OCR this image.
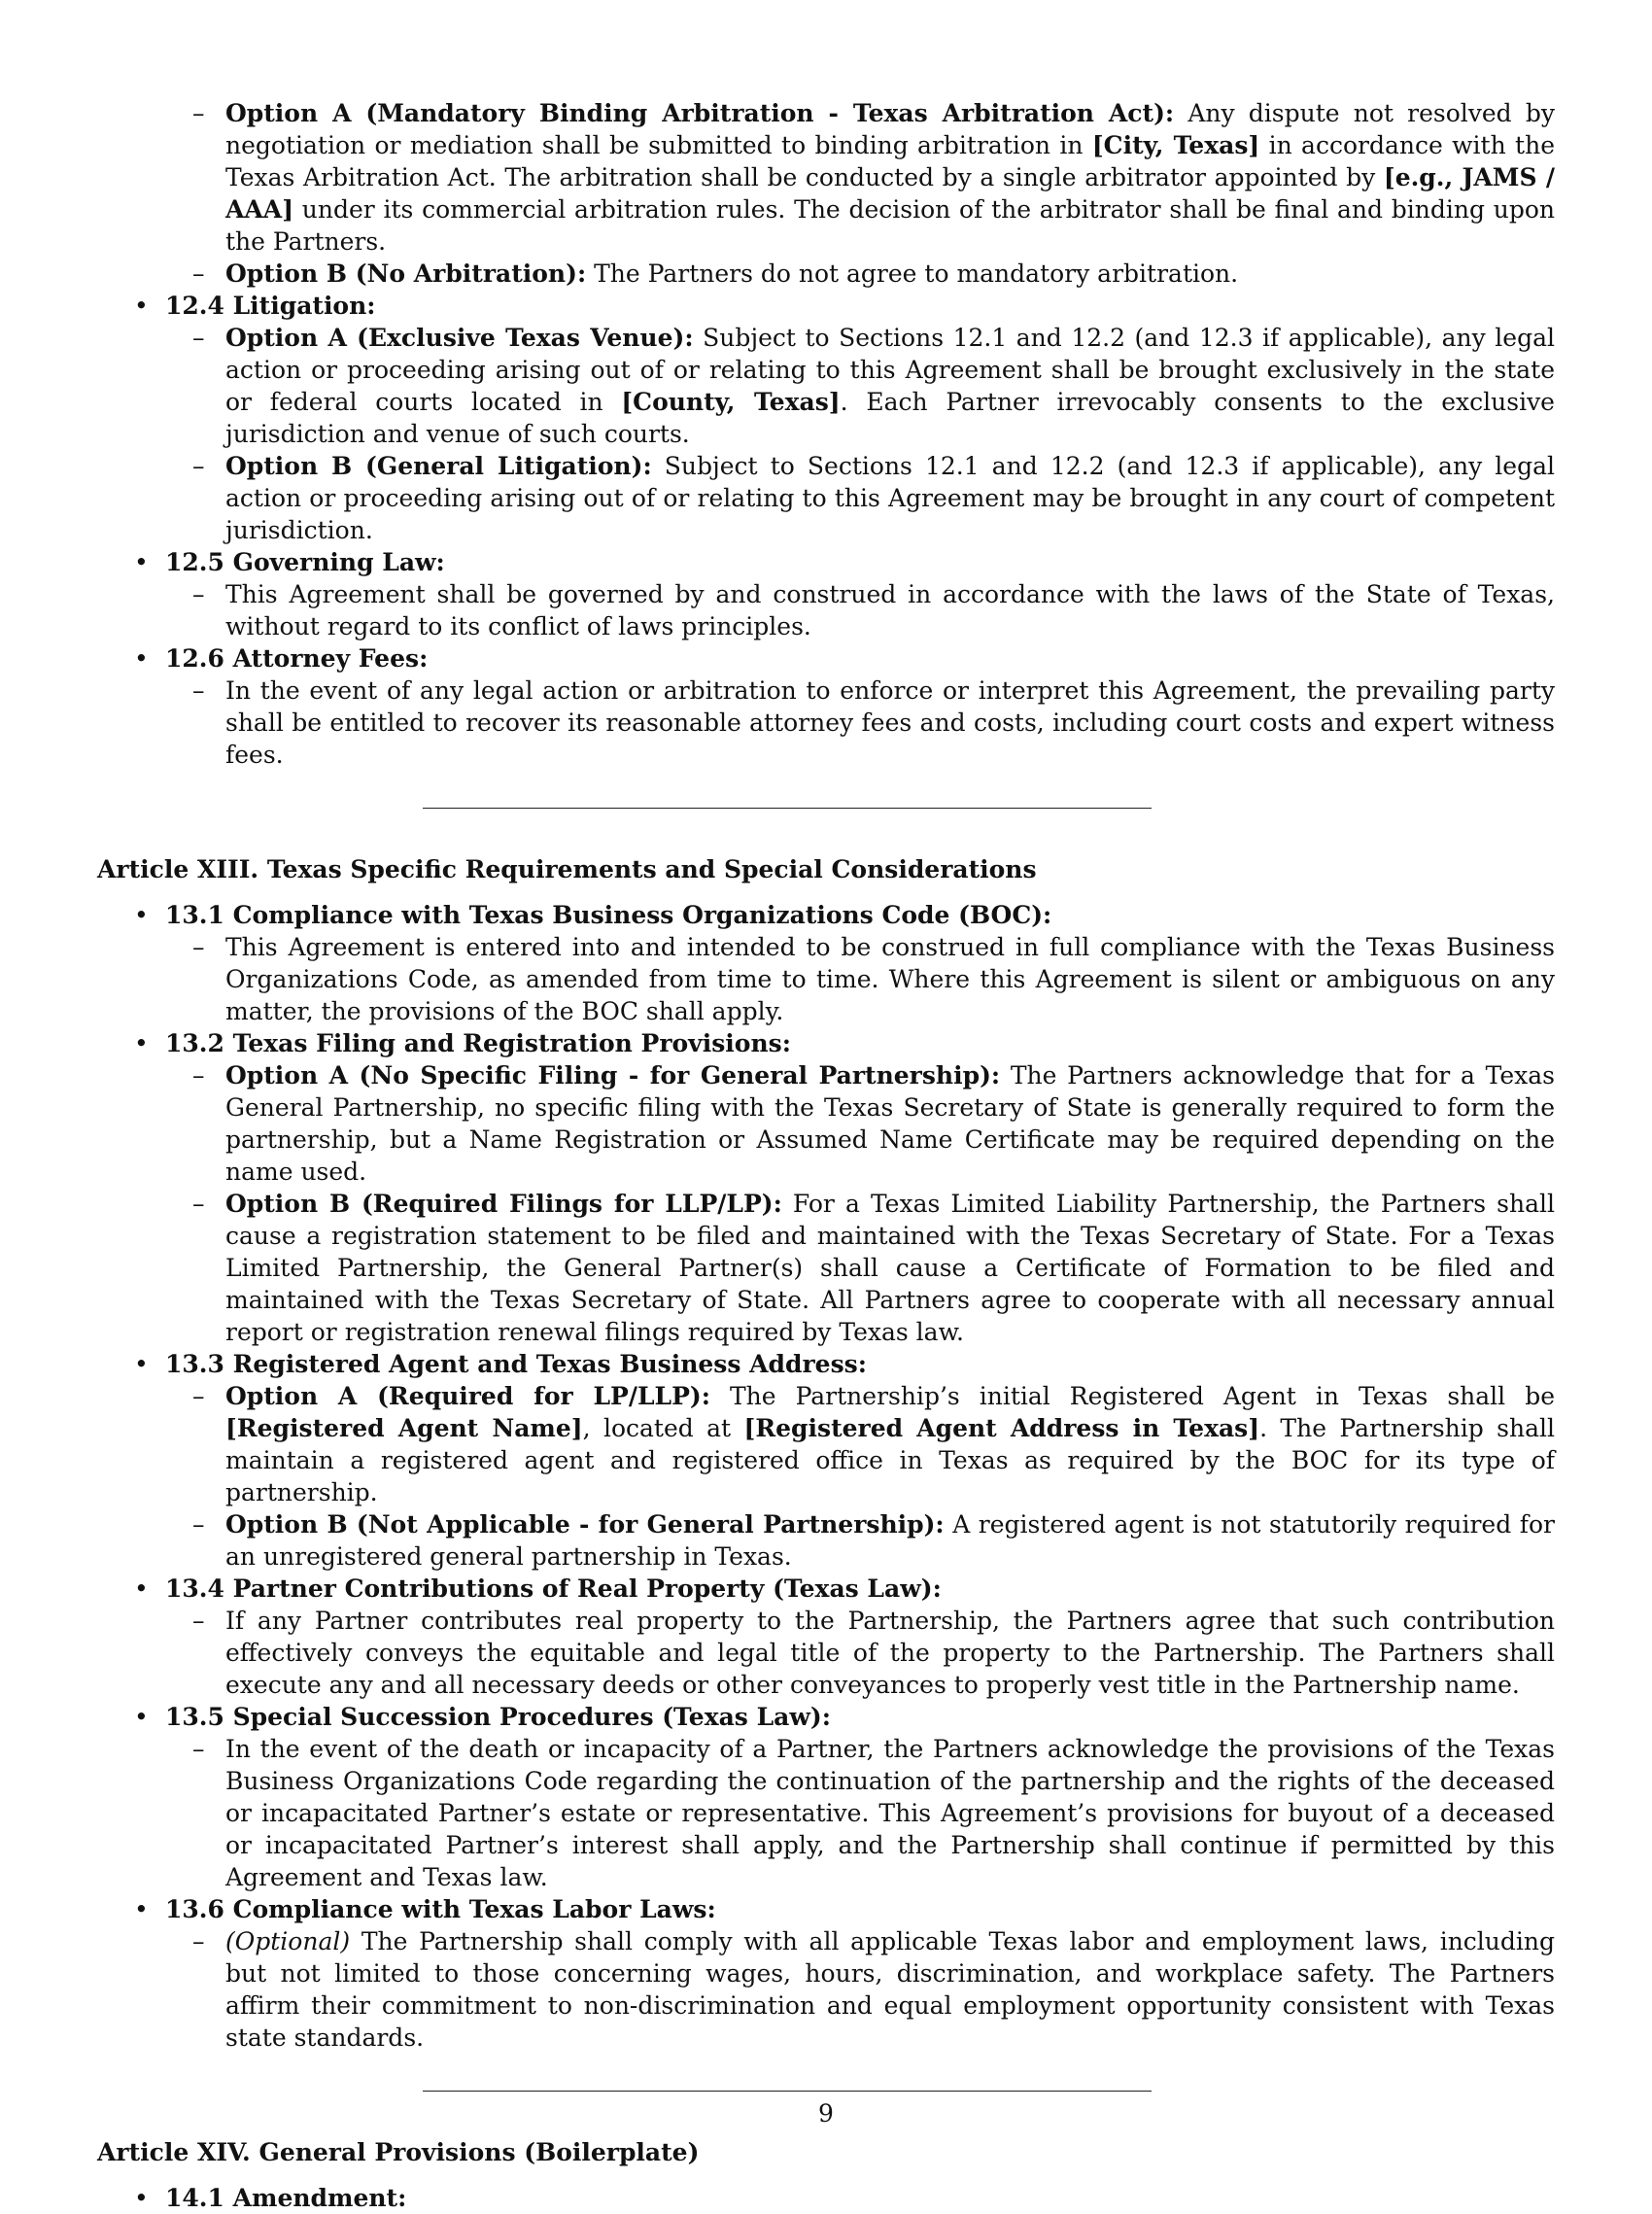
– Option A (Mandatory Binding Arbitration - Texas Arbitration Act): Any dispute not resolved by negotiation or mediation shall be submitted to binding arbitration in [City, Texas] in accordance with the Texas Arbitration Act. The arbitration shall be conducted by a single arbitrator appointed by [e.g., JAMS / AAA] under its commercial arbitration rules. The decision of the arbitrator shall be final and binding upon the Partners.
– Option B (No Arbitration): The Partners do not agree to mandatory arbitration.
• 12.4 Litigation:
– Option A (Exclusive Texas Venue): Subject to Sections 12.1 and 12.2 (and 12.3 if applicable), any legal action or proceeding arising out of or relating to this Agreement shall be brought exclusively in the state or federal courts located in [County, Texas]. Each Partner irrevocably consents to the exclusive jurisdiction and venue of such courts.
– Option B (General Litigation): Subject to Sections 12.1 and 12.2 (and 12.3 if applicable), any legal action or proceeding arising out of or relating to this Agreement may be brought in any court of competent jurisdiction.
• 12.5 Governing Law:
– This Agreement shall be governed by and construed in accordance with the laws of the State of Texas, without regard to its conflict of laws principles.
• 12.6 Attorney Fees:
– In the event of any legal action or arbitration to enforce or interpret this Agreement, the prevailing party shall be entitled to recover its reasonable attorney fees and costs, including court costs and expert witness fees.
Article XIII. Texas Specific Requirements and Special Considerations
• 13.1 Compliance with Texas Business Organizations Code (BOC):
– This Agreement is entered into and intended to be construed in full compliance with the Texas Business Organizations Code, as amended from time to time. Where this Agreement is silent or ambiguous on any matter, the provisions of the BOC shall apply.
• 13.2 Texas Filing and Registration Provisions:
– Option A (No Specific Filing - for General Partnership): The Partners acknowledge that for a Texas General Partnership, no specific filing with the Texas Secretary of State is generally required to form the partnership, but a Name Registration or Assumed Name Certificate may be required depending on the name used.
– Option B (Required Filings for LLP/LP): For a Texas Limited Liability Partnership, the Partners shall cause a registration statement to be filed and maintained with the Texas Secretary of State. For a Texas Limited Partnership, the General Partner(s) shall cause a Certificate of Formation to be filed and maintained with the Texas Secretary of State. All Partners agree to cooperate with all necessary annual report or registration renewal filings required by Texas law.
• 13.3 Registered Agent and Texas Business Address:
– Option A (Required for LP/LLP): The Partnership’s initial Registered Agent in Texas shall be [Registered Agent Name], located at [Registered Agent Address in Texas]. The Partnership shall maintain a registered agent and registered office in Texas as required by the BOC for its type of partnership.
– Option B (Not Applicable - for General Partnership): A registered agent is not statutorily required for an unregistered general partnership in Texas.
• 13.4 Partner Contributions of Real Property (Texas Law):
– If any Partner contributes real property to the Partnership, the Partners agree that such contribution effectively conveys the equitable and legal title of the property to the Partnership. The Partners shall execute any and all necessary deeds or other conveyances to properly vest title in the Partnership name.
• 13.5 Special Succession Procedures (Texas Law):
– In the event of the death or incapacity of a Partner, the Partners acknowledge the provisions of the Texas Business Organizations Code regarding the continuation of the partnership and the rights of the deceased or incapacitated Partner’s estate or representative. This Agreement’s provisions for buyout of a deceased or incapacitated Partner’s interest shall apply, and the Partnership shall continue if permitted by this Agreement and Texas law.
• 13.6 Compliance with Texas Labor Laws:
– (Optional) The Partnership shall comply with all applicable Texas labor and employment laws, including but not limited to those concerning wages, hours, discrimination, and workplace safety. The Partners affirm their commitment to non-discrimination and equal employment opportunity consistent with Texas state standards.
Article XIV. General Provisions (Boilerplate)
• 14.1 Amendment:
9
